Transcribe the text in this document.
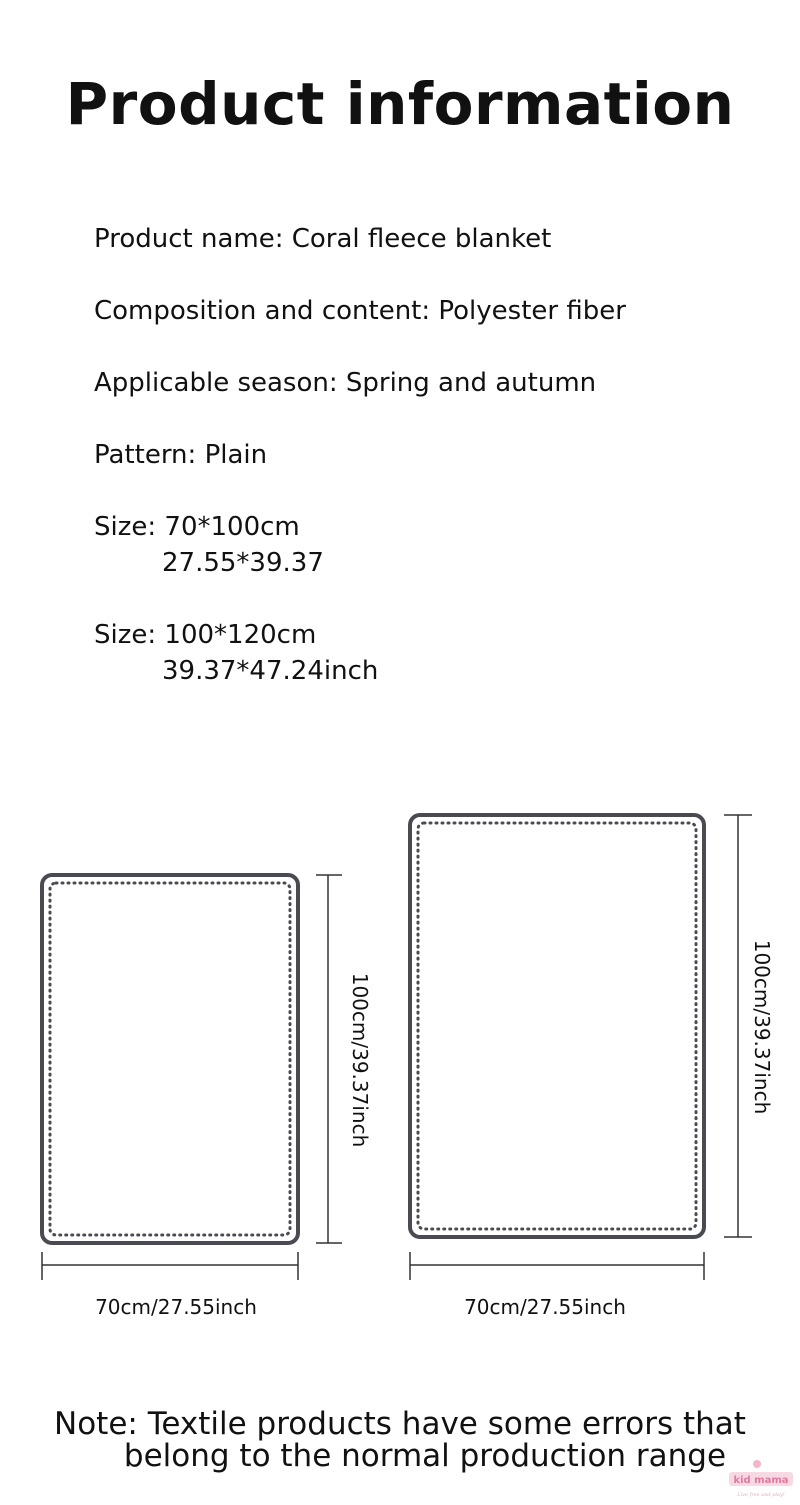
Product information
Product name: Coral fleece blanket
Composition and content: Polyester fiber
Applicable season: Spring and autumn
Pattern: Plain
Size: 70*100cm
27.55*39.37
Size: 100*120cm
39.37*47.24inch
100cm/39.37inch
70cm/27.55inch
100cm/39.37inch
70cm/27.55inch
Note: Textile products have some errors that
belong to the normal production range
kid mama
Live free and play!
